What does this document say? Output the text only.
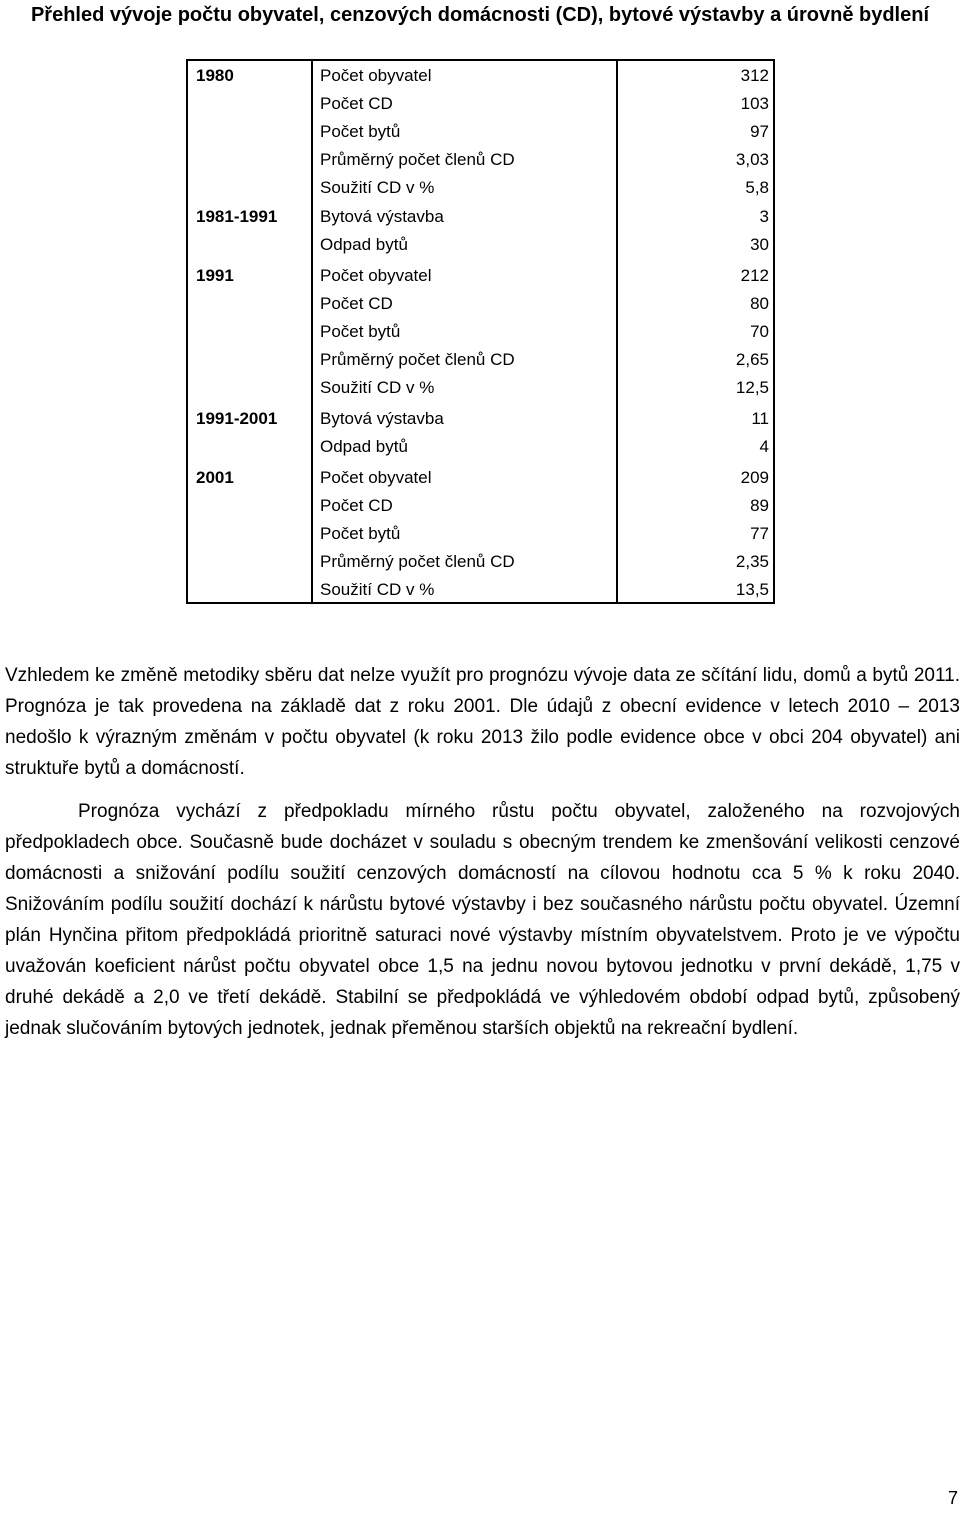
Přehled vývoje počtu obyvatel, cenzových domácnosti (CD), bytové výstavby a úrovně bydlení
1980	Počet obyvatel	312
Počet CD	103
Počet bytů	97
Průměrný počet členů CD	3,03
Soužití CD v %	5,8
1981-1991	Bytová výstavba	3
Odpad bytů	30
1991	Počet obyvatel	212
Počet CD	80
Počet bytů	70
Průměrný počet členů CD	2,65
Soužití CD v %	12,5
1991-2001	Bytová výstavba	11
Odpad bytů	4
2001	Počet obyvatel	209
Počet CD	89
Počet bytů	77
Průměrný počet členů CD	2,35
Soužití CD v %	13,5

Vzhledem ke změně metodiky sběru dat nelze využít pro prognózu vývoje data ze sčítání lidu, domů a bytů 2011. Prognóza je tak provedena na základě dat z roku 2001. Dle údajů z obecní evidence v letech 2010 – 2013 nedošlo k výrazným změnám v počtu obyvatel (k roku 2013 žilo podle evidence obce v obci 204 obyvatel) ani struktuře bytů a domácností.

Prognóza vychází z předpokladu mírného růstu počtu obyvatel, založeného na rozvojových předpokladech obce. Současně bude docházet v souladu s obecným trendem ke zmenšování velikosti cenzové domácnosti a snižování podílu soužití cenzových domácností na cílovou hodnotu cca 5 % k roku 2040. Snižováním podílu soužití dochází k nárůstu bytové výstavby i bez současného nárůstu počtu obyvatel. Územní plán Hynčina přitom předpokládá prioritně saturaci nové výstavby místním obyvatelstvem. Proto je ve výpočtu uvažován koeficient nárůst počtu obyvatel obce 1,5 na jednu novou bytovou jednotku v první dekádě, 1,75 v druhé dekádě a 2,0 ve třetí dekádě. Stabilní se předpokládá ve výhledovém období odpad bytů, způsobený jednak slučováním bytových jednotek, jednak přeměnou starších objektů na rekreační bydlení.

7
